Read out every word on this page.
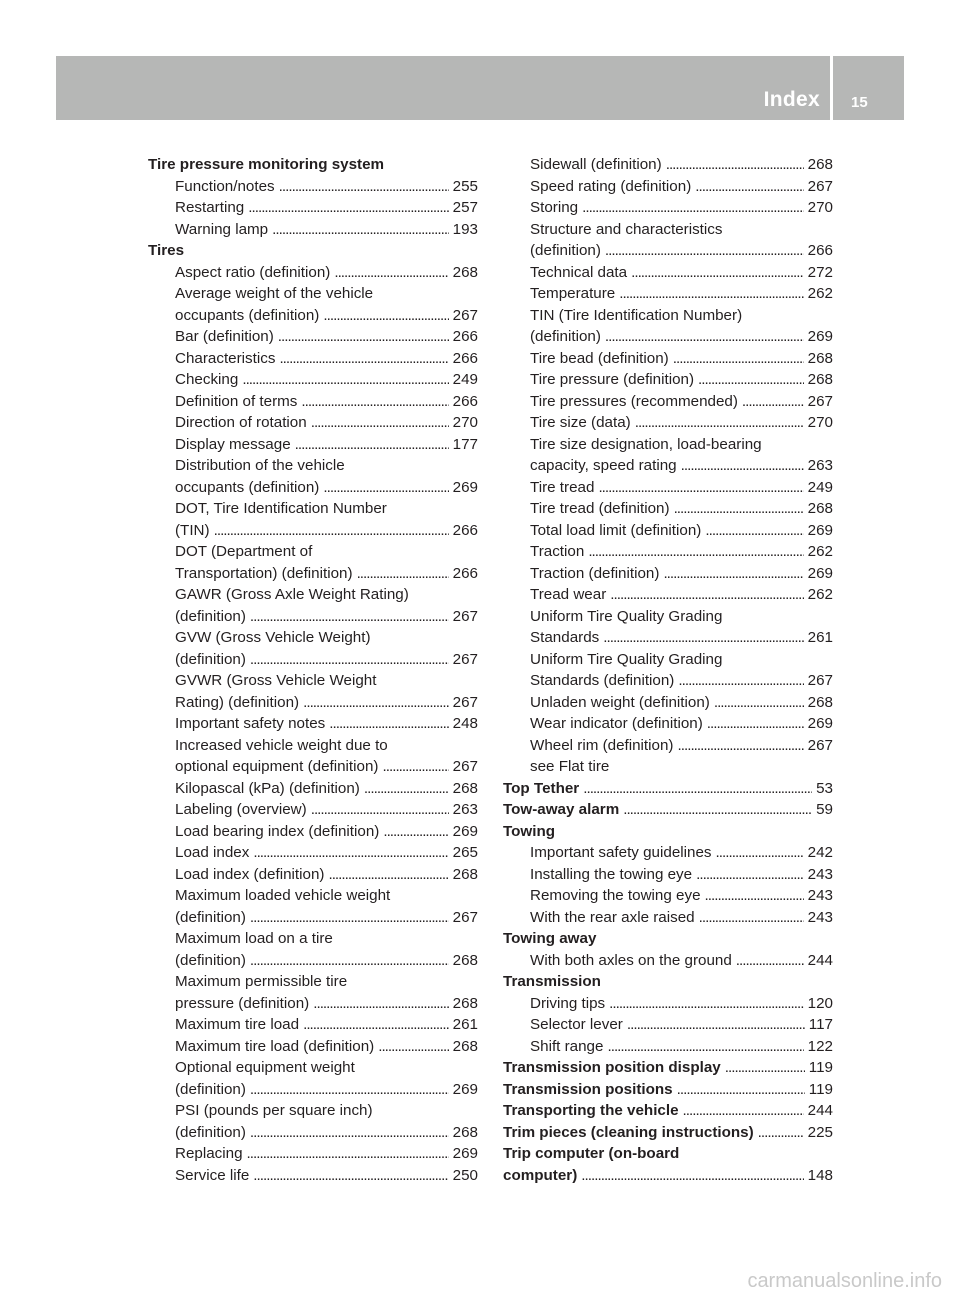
Index 15
Tire pressure monitoring system
Function/notes . . .	255
Restarting . . .	257
Warning lamp . . .	193
Tires
Aspect ratio (definition) . . .	268
Average weight of the vehicle
occupants (definition) . . .	267
Bar (definition) . . .	266
Characteristics . . .	266
Checking . . .	249
Definition of terms . . .	266
Direction of rotation . . .	270
Display message . . .	177
Distribution of the vehicle
occupants (definition) . . .	269
DOT, Tire Identification Number
(TIN) . . .	266
DOT (Department of
Transportation) (definition) . . .	266
GAWR (Gross Axle Weight Rating)
(definition) . . .	267
GVW (Gross Vehicle Weight)
(definition) . . .	267
GVWR (Gross Vehicle Weight
Rating) (definition) . . .	267
Important safety notes . . .	248
Increased vehicle weight due to
optional equipment (definition) . . .	267
Kilopascal (kPa) (definition) . . .	268
Labeling (overview) . . .	263
Load bearing index (definition) . . .	269
Load index . . .	265
Load index (definition) . . .	268
Maximum loaded vehicle weight
(definition) . . .	267
Maximum load on a tire
(definition) . . .	268
Maximum permissible tire
pressure (definition) . . .	268
Maximum tire load . . .	261
Maximum tire load (definition) . . .	268
Optional equipment weight
(definition) . . .	269
PSI (pounds per square inch)
(definition) . . .	268
Replacing . . .	269
Service life . . .	250
Sidewall (definition) . . .	268
Speed rating (definition) . . .	267
Storing . . .	270
Structure and characteristics
(definition) . . .	266
Technical data . . .	272
Temperature . . .	262
TIN (Tire Identification Number)
(definition) . . .	269
Tire bead (definition) . . .	268
Tire pressure (definition) . . .	268
Tire pressures (recommended) . . .	267
Tire size (data) . . .	270
Tire size designation, load-bearing
capacity, speed rating . . .	263
Tire tread . . .	249
Tire tread (definition) . . .	268
Total load limit (definition) . . .	269
Traction . . .	262
Traction (definition) . . .	269
Tread wear . . .	262
Uniform Tire Quality Grading
Standards . . .	261
Uniform Tire Quality Grading
Standards (definition) . . .	267
Unladen weight (definition) . . .	268
Wear indicator (definition) . . .	269
Wheel rim (definition) . . .	267
see Flat tire
Top Tether . . .	53
Tow-away alarm . . .	59
Towing
Important safety guidelines . . .	242
Installing the towing eye . . .	243
Removing the towing eye . . .	243
With the rear axle raised . . .	243
Towing away
With both axles on the ground . . .	244
Transmission
Driving tips . . .	120
Selector lever . . .	117
Shift range . . .	122
Transmission position display . . .	119
Transmission positions . . .	119
Transporting the vehicle . . .	244
Trim pieces (cleaning instructions) . . .	225
Trip computer (on-board
computer) . . .	148
carmanualsonline.info
